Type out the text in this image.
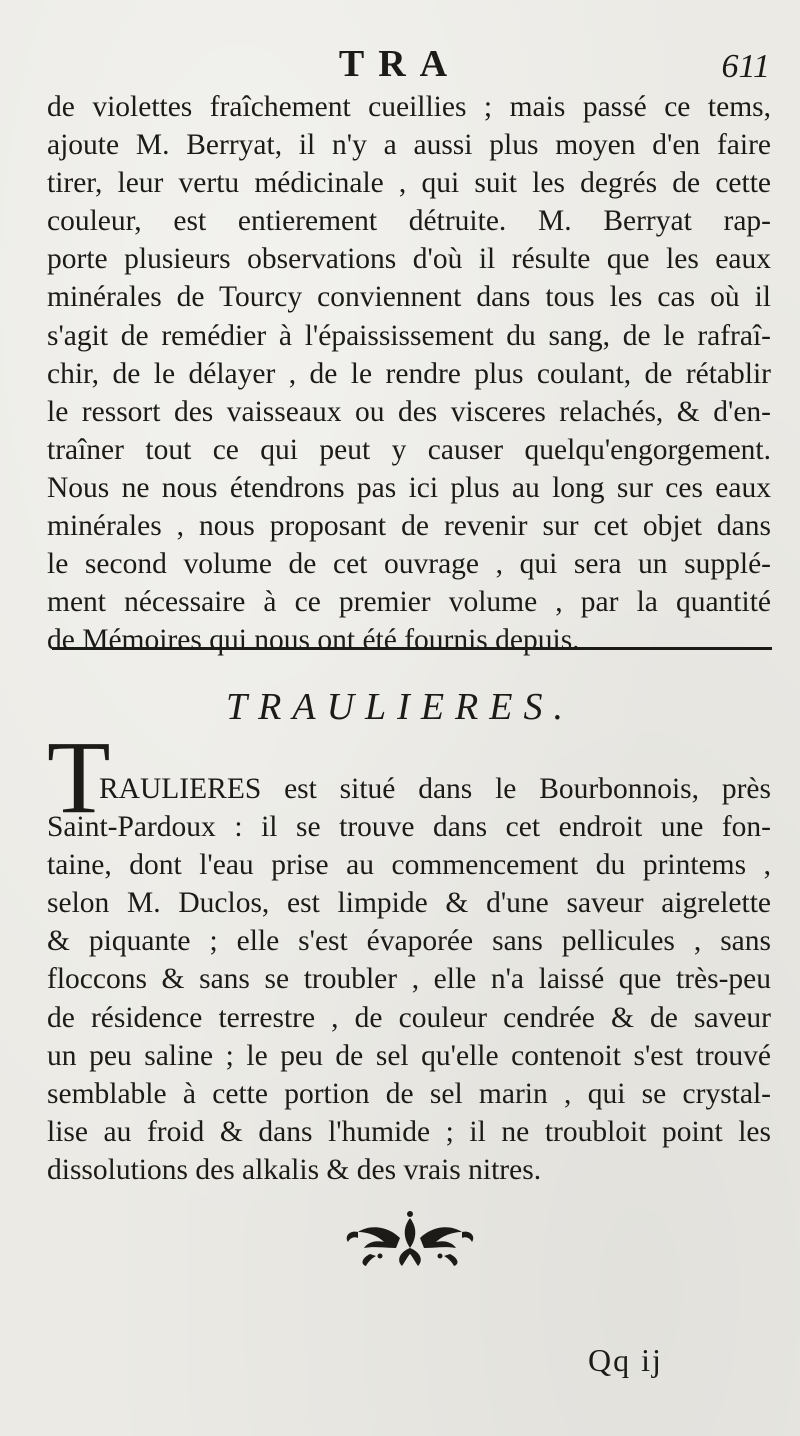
TRA	611
de violettes fraîchement cueillies ; mais passé ce tems,
ajoute M. Berryat, il n'y a aussi plus moyen d'en faire
tirer, leur vertu médicinale , qui suit les degrés de cette
couleur, est entierement détruite. M. Berryat rap-
porte plusieurs observations d'où il résulte que les eaux
minérales de Tourcy conviennent dans tous les cas où il
s'agit de remédier à l'épaississement du sang, de le rafraî-
chir, de le délayer , de le rendre plus coulant, de rétablir
le ressort des vaisseaux ou des visceres relachés, & d'en-
traîner tout ce qui peut y causer quelqu'engorgement.
Nous ne nous étendrons pas ici plus au long sur ces eaux
minérales , nous proposant de revenir sur cet objet dans
le second volume de cet ouvrage , qui sera un supplé-
ment nécessaire à ce premier volume , par la quantité
de Mémoires qui nous ont été fournis depuis.
TRAULIERES.
T
RAULIERES est situé dans le Bourbonnois, près
Saint-Pardoux : il se trouve dans cet endroit une fon-
taine, dont l'eau prise au commencement du printems ,
selon M. Duclos, est limpide & d'une saveur aigrelette
& piquante ; elle s'est évaporée sans pellicules , sans
floccons & sans se troubler , elle n'a laissé que très-peu
de résidence terrestre , de couleur cendrée & de saveur
un peu saline ; le peu de sel qu'elle contenoit s'est trouvé
semblable à cette portion de sel marin , qui se crystal-
lise au froid & dans l'humide ; il ne troubloit point les
dissolutions des alkalis & des vrais nitres.
Qq ij
